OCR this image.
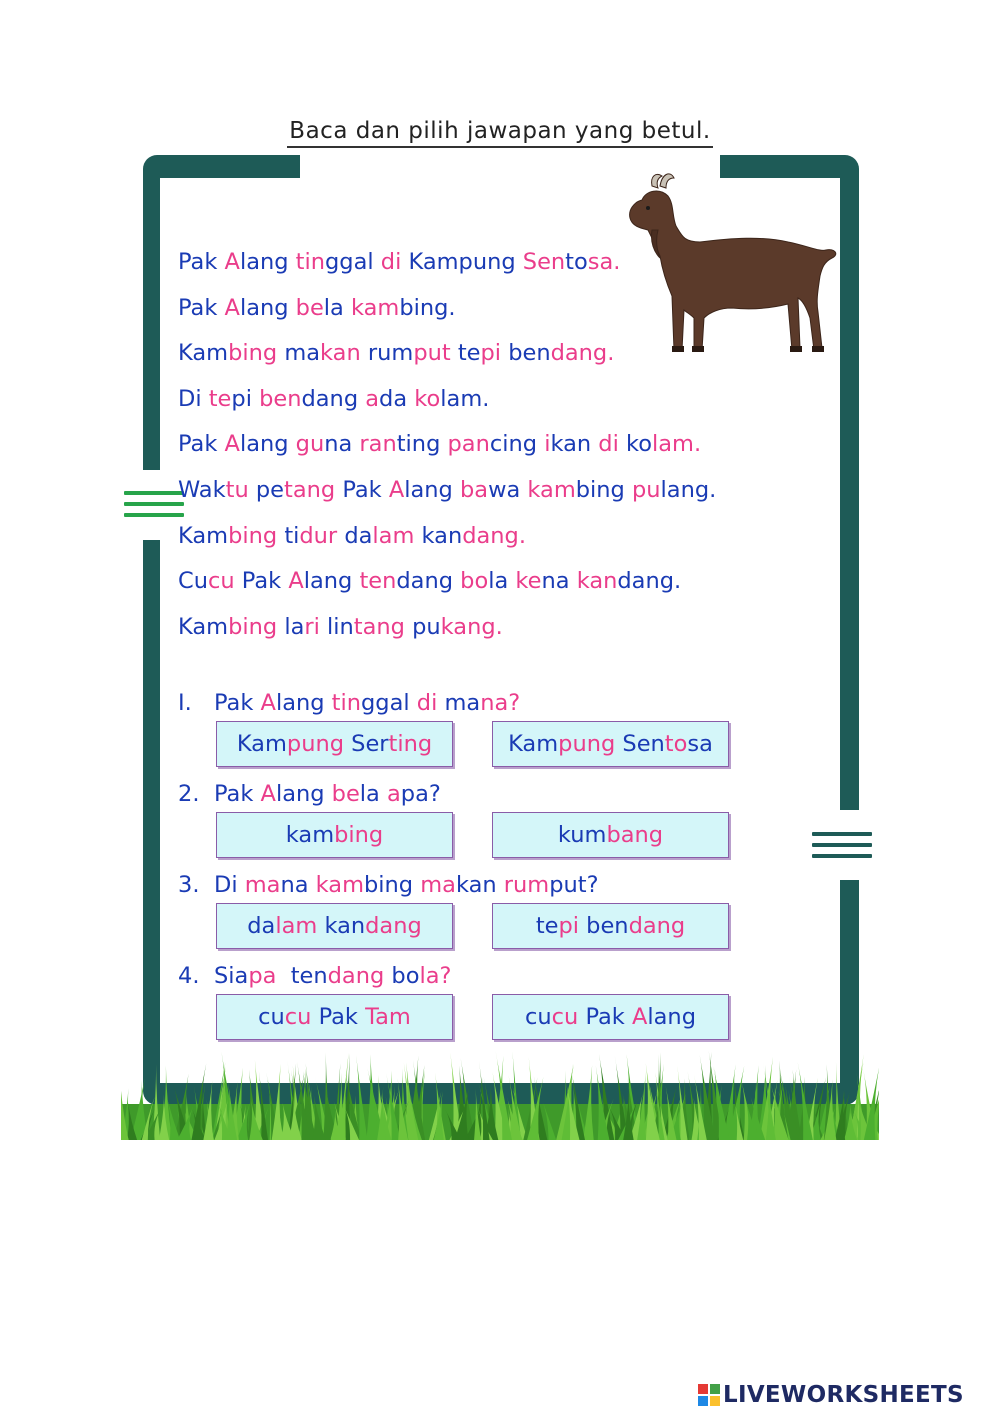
Baca dan pilih jawapan yang betul.
Pak Alang tinggal di Kampung Sentosa.
Pak Alang bela kambing.
Kambing makan rumput tepi bendang.
Di tepi bendang ada kolam.
Pak Alang guna ranting pancing ikan di kolam.
Waktu petang Pak Alang bawa kambing pulang.
Kambing tidur dalam kandang.
Cucu Pak Alang tendang bola kena kandang.
Kambing lari lintang pukang.
I. Pak Alang tinggal di mana?
Kampung Serting	Kampung Sentosa
2. Pak Alang bela apa?
kambing	kumbang
3. Di mana kambing makan rumput?
dalam kandang	tepi bendang
4. Siapa  tendang bola?
cucu Pak Tam	cucu Pak Alang
LIVEWORKSHEETS
